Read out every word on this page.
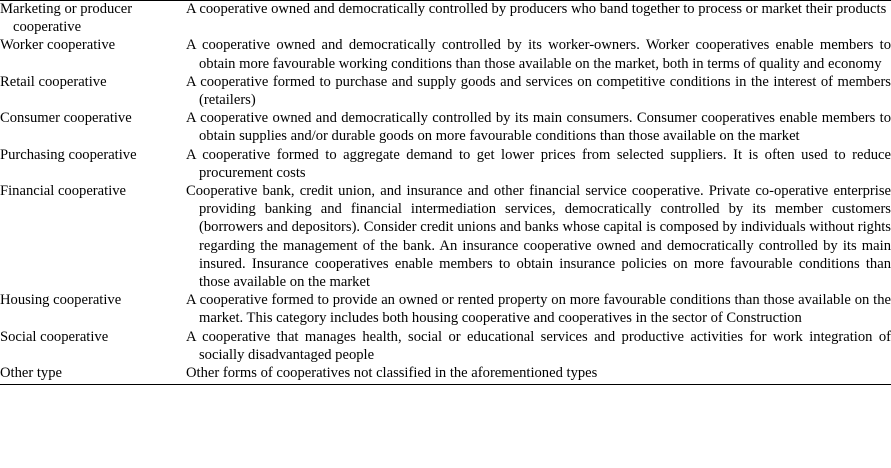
Marketing or producer cooperative	A cooperative owned and democratically controlled by producers who band together to process or market their products

Worker cooperative	A cooperative owned and democratically controlled by its worker-owners. Worker cooperatives enable members to obtain more favourable working conditions than those available on the market, both in terms of quality and economy

Retail cooperative	A cooperative formed to purchase and supply goods and services on competitive conditions in the interest of members (retailers)

Consumer cooperative	A cooperative owned and democratically controlled by its main consumers. Consumer cooperatives enable members to obtain supplies and/or durable goods on more favourable conditions than those available on the market

Purchasing cooperative	A cooperative formed to aggregate demand to get lower prices from selected suppliers. It is often used to reduce procurement costs

Financial cooperative	Cooperative bank, credit union, and insurance and other financial service cooperative. Private co-operative enterprise providing banking and financial intermediation services, democratically controlled by its member customers (borrowers and depositors). Consider credit unions and banks whose capital is composed by individuals without rights regarding the management of the bank. An insurance cooperative owned and democratically controlled by its main insured. Insurance cooperatives enable members to obtain insurance policies on more favourable conditions than those available on the market

Housing cooperative	A cooperative formed to provide an owned or rented property on more favourable conditions than those available on the market. This category includes both housing cooperative and cooperatives in the sector of Construction

Social cooperative	A cooperative that manages health, social or educational services and productive activities for work integration of socially disadvantaged people

Other type	Other forms of cooperatives not classified in the aforementioned types
